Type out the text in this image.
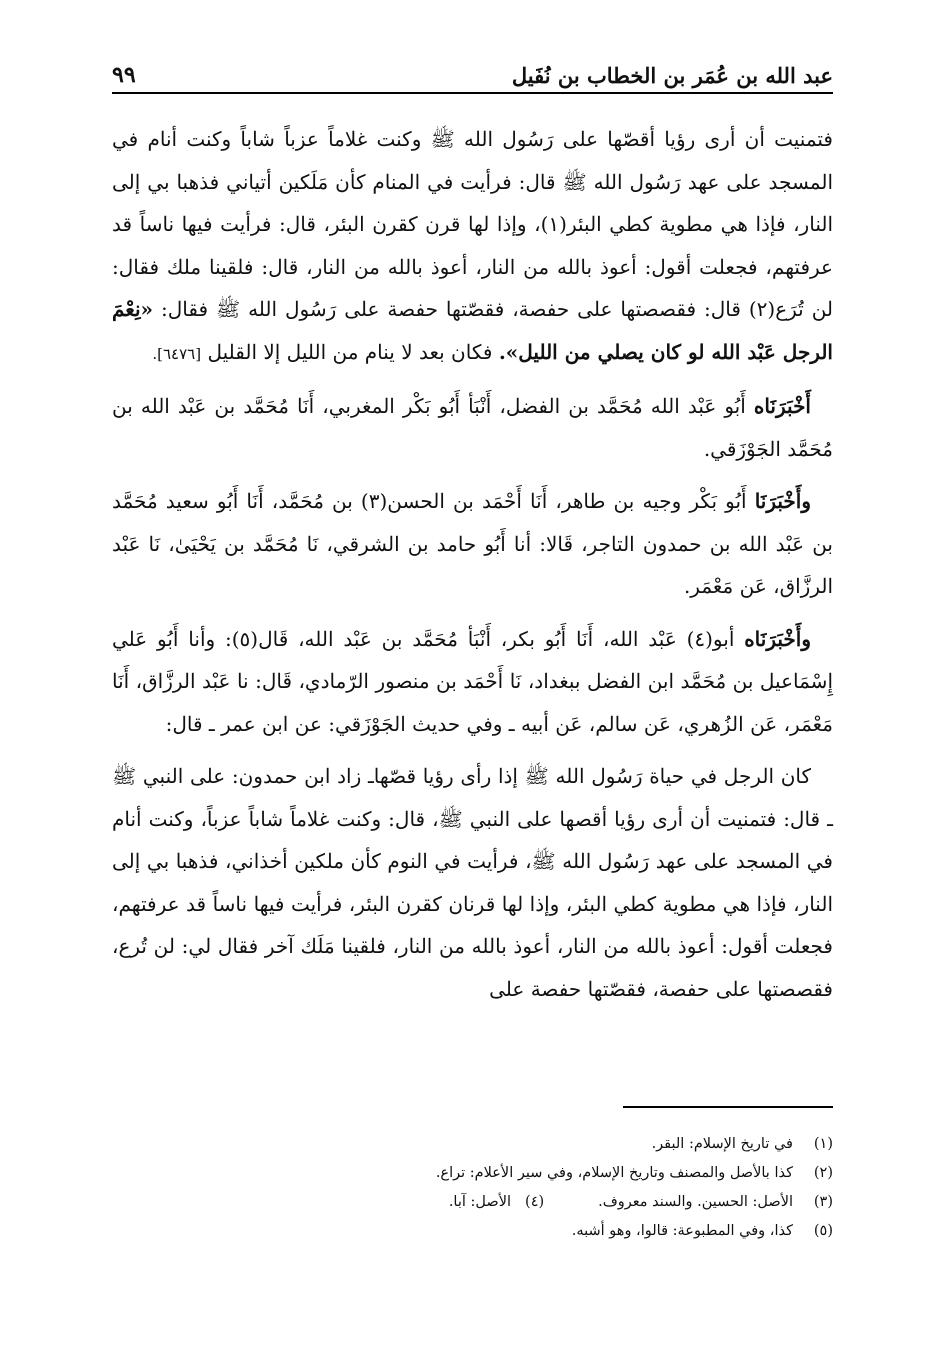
عبد الله بن عُمَر بن الخطاب بن نُفَيل
٩٩

فتمنيت أن أرى رؤيا أقصّها على رَسُول الله ﷺ وكنت غلاماً عزباً شاباً وكنت أنام في المسجد على عهد رَسُول الله ﷺ قال: فرأيت في المنام كأن مَلَكين أتياني فذهبا بي إلى النار، فإذا هي مطوية كطي البئر(١)، وإذا لها قرن كقرن البئر، قال: فرأيت فيها ناساً قد عرفتهم، فجعلت أقول: أعوذ بالله من النار، أعوذ بالله من النار، قال: فلقينا ملك فقال: لن تُرَع(٢) قال: فقصصتها على حفصة، فقصّتها حفصة على رَسُول الله ﷺ فقال: «نِعْمَ الرجل عَبْد الله لو كان يصلي من الليل». فكان بعد لا ينام من الليل إلا القليل [٦٤٧٦].

أَخْبَرَنَاه أَبُو عَبْد الله مُحَمَّد بن الفضل، أَنْبَأ أَبُو بَكْر المغربي، أَنَا مُحَمَّد بن عَبْد الله بن مُحَمَّد الجَوْزَقي.

وأَخْبَرَنَا أَبُو بَكْر وجيه بن طاهر، أَنَا أَحْمَد بن الحسن(٣) بن مُحَمَّد، أَنَا أَبُو سعيد مُحَمَّد بن عَبْد الله بن حمدون التاجر، قَالا: أنا أَبُو حامد بن الشرقي، نَا مُحَمَّد بن يَحْيَىٰ، نَا عَبْد الرزَّاق، عَن مَعْمَر.

وأَخْبَرَنَاه أبو(٤) عَبْد الله، أَنَا أَبُو بكر، أَنْبَأ مُحَمَّد بن عَبْد الله، قَال(٥): وأنا أَبُو عَلي إِسْمَاعيل بن مُحَمَّد ابن الفضل ببغداد، نَا أَحْمَد بن منصور الرّمادي، قَال: نا عَبْد الرزَّاق، أَنَا مَعْمَر، عَن الزُهري، عَن سالم، عَن أبيه ـ وفي حديث الجَوْزَقي: عن ابن عمر ـ قال:

كان الرجل في حياة رَسُول الله ﷺ إذا رأى رؤيا قصّهاـ زاد ابن حمدون: على النبي ﷺ ـ قال: فتمنيت أن أرى رؤيا أقصها على النبي ﷺ، قال: وكنت غلاماً شاباً عزباً، وكنت أنام في المسجد على عهد رَسُول الله ﷺ، فرأيت في النوم كأن ملكين أخذاني، فذهبا بي إلى النار، فإذا هي مطوية كطي البئر، وإذا لها قرنان كقرن البئر، فرأيت فيها ناساً قد عرفتهم، فجعلت أقول: أعوذ بالله من النار، أعوذ بالله من النار، فلقينا مَلَك آخر فقال لي: لن تُرع، فقصصتها على حفصة، فقصّتها حفصة على

(١)
في تاريخ الإسلام: البقر.
(٢)
كذا بالأصل والمصنف وتاريخ الإسلام، وفي سير الأعلام: تراع.
(٣)
الأصل: الحسين. والسند معروف.
(٤)
الأصل: آبا.
(٥)
كذا، وفي المطبوعة: قالوا، وهو أشبه.
